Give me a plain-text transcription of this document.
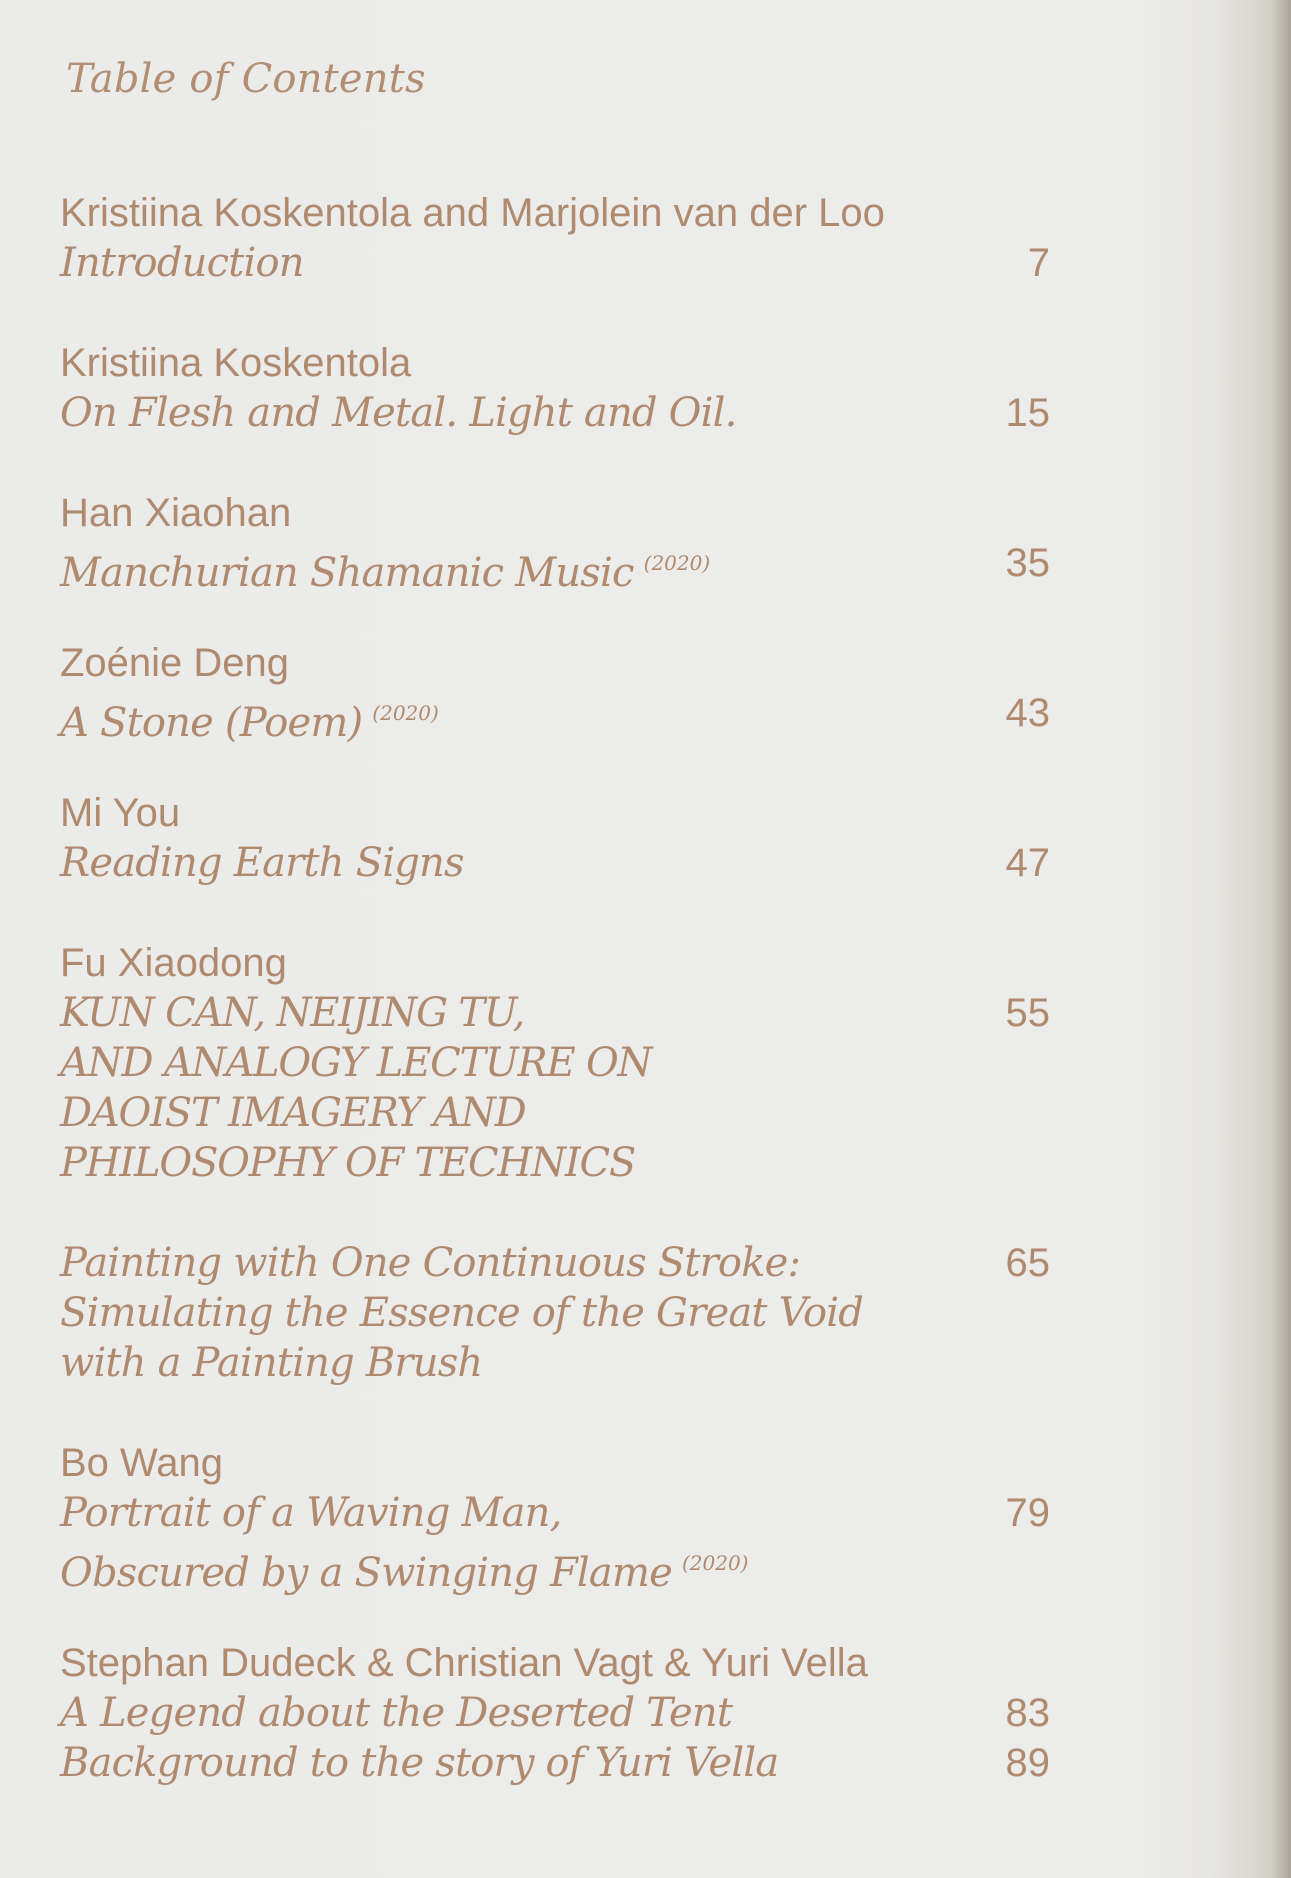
Table of Contents
Kristiina Koskentola and Marjolein van der Loo
Introduction	7
Kristiina Koskentola
On Flesh and Metal. Light and Oil.	15
Han Xiaohan
Manchurian Shamanic Music (2020)	35
Zoénie Deng
A Stone (Poem) (2020)	43
Mi You
Reading Earth Signs	47
Fu Xiaodong
KUN CAN, NEIJING TU,	55
AND ANALOGY LECTURE ON
DAOIST IMAGERY AND
PHILOSOPHY OF TECHNICS
Painting with One Continuous Stroke:	65
Simulating the Essence of the Great Void
with a Painting Brush
Bo Wang
Portrait of a Waving Man,	79
Obscured by a Swinging Flame (2020)
Stephan Dudeck & Christian Vagt & Yuri Vella
A Legend about the Deserted Tent	83
Background to the story of Yuri Vella	89
